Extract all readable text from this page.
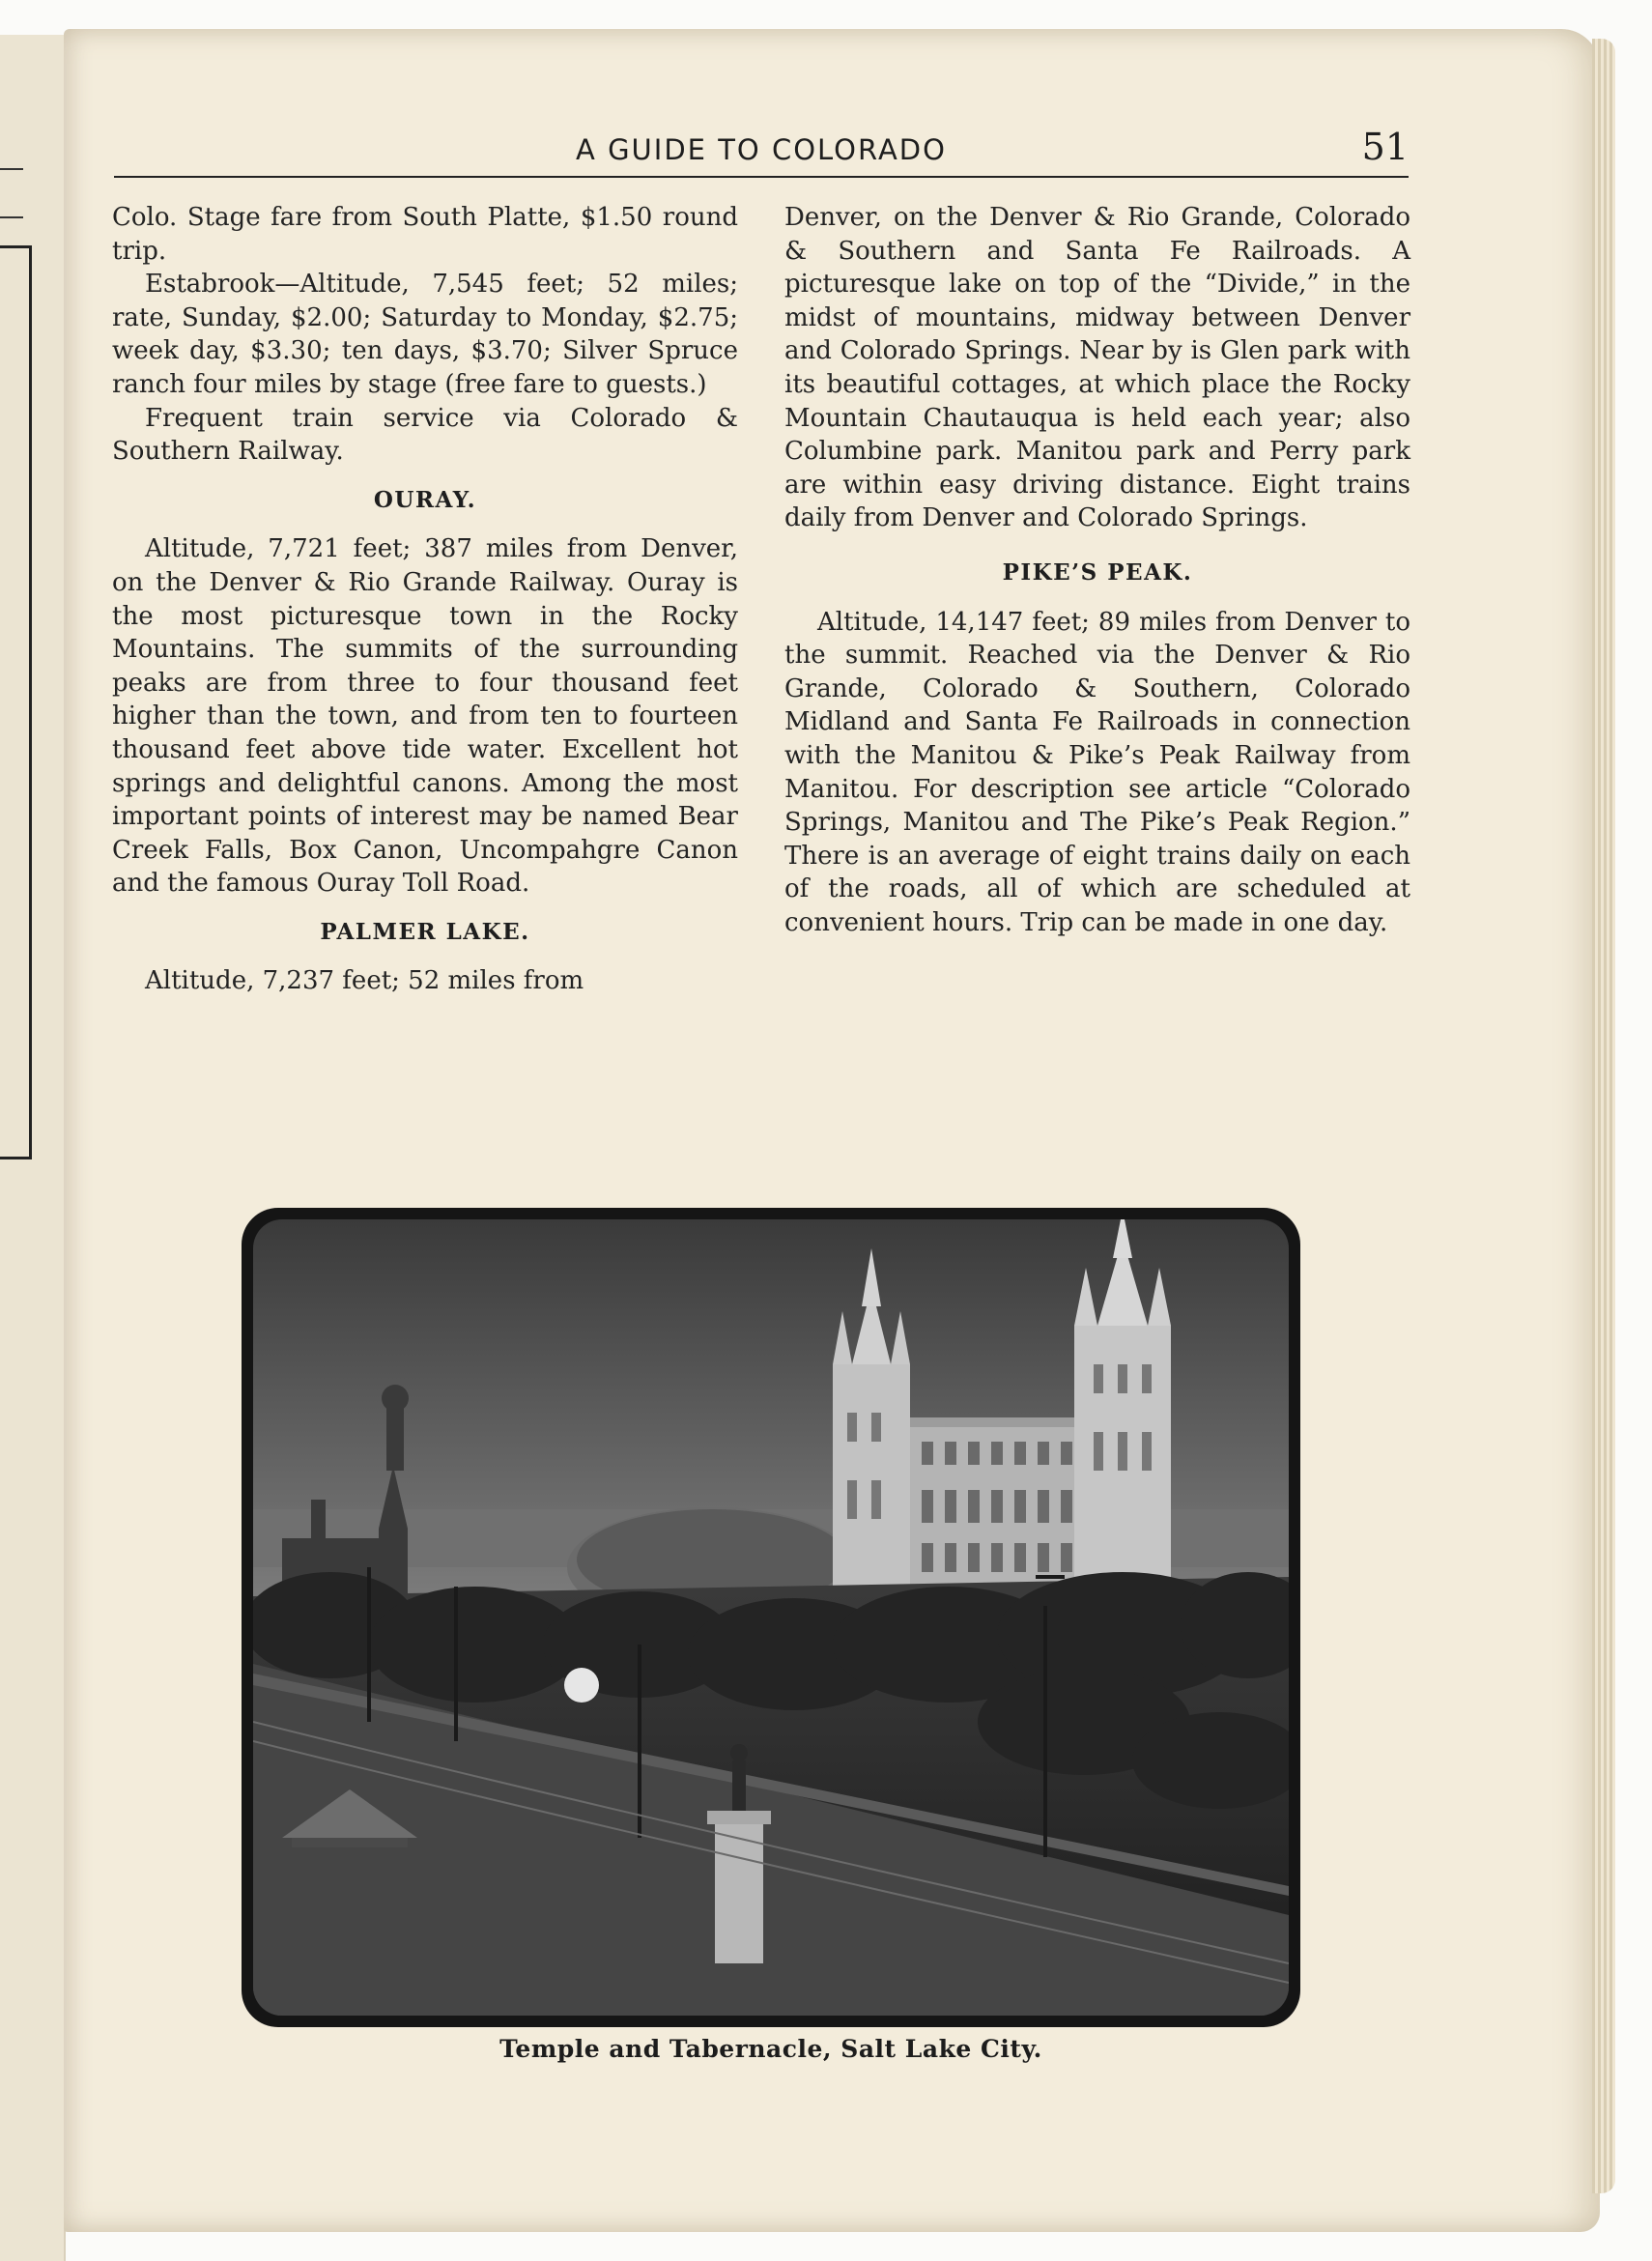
A GUIDE TO COLORADO	51

Colo. Stage fare from South Platte, $1.50 round trip.

Estabrook—Altitude, 7,545 feet; 52 miles; rate, Sunday, $2.00; Saturday to Monday, $2.75; week day, $3.30; ten days, $3.70; Silver Spruce ranch four miles by stage (free fare to guests.)

Frequent train service via Colorado & Southern Railway.

OURAY.

Altitude, 7,721 feet; 387 miles from Denver, on the Denver & Rio Grande Railway. Ouray is the most picturesque town in the Rocky Mountains. The summits of the surrounding peaks are from three to four thousand feet higher than the town, and from ten to fourteen thousand feet above tide water. Excellent hot springs and delightful canons. Among the most important points of interest may be named Bear Creek Falls, Box Canon, Uncompahgre Canon and the famous Ouray Toll Road.

PALMER LAKE.

Altitude, 7,237 feet; 52 miles from

Denver, on the Denver & Rio Grande, Colorado & Southern and Santa Fe Railroads. A picturesque lake on top of the “Divide,” in the midst of mountains, midway between Denver and Colorado Springs. Near by is Glen park with its beautiful cottages, at which place the Rocky Mountain Chautauqua is held each year; also Columbine park. Manitou park and Perry park are within easy driving distance. Eight trains daily from Denver and Colorado Springs.

PIKE’S PEAK.

Altitude, 14,147 feet; 89 miles from Denver to the summit. Reached via the Denver & Rio Grande, Colorado & Southern, Colorado Midland and Santa Fe Railroads in connection with the Manitou & Pike’s Peak Railway from Manitou. For description see article “Colorado Springs, Manitou and The Pike’s Peak Region.” There is an average of eight trains daily on each of the roads, all of which are scheduled at convenient hours. Trip can be made in one day.

Temple and Tabernacle, Salt Lake City.
